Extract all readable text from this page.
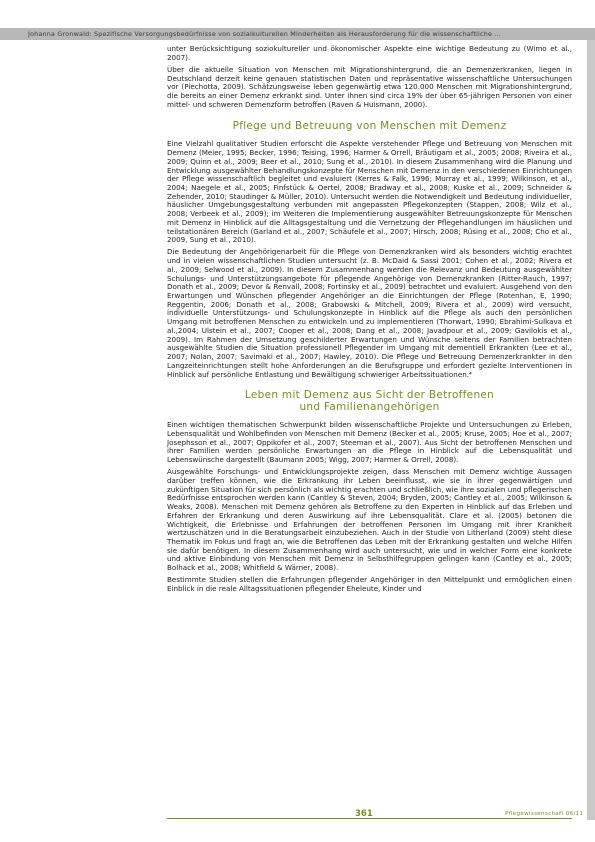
Johanna Gronwald: Spezifische Versorgungsbedürfnisse von sozialkulturellen Minderheiten als Herausforderung für die wissenschaftliche ...

unter Berücksichtigung soziokultureller und ökonomischer Aspekte eine wichtige Bedeutung zu (Wimo et al., 2007).

Über die aktuelle Situation von Menschen mit Migrationshintergrund, die an Demenzerkranken, liegen in Deutschland derzeit keine genauen statistischen Daten und repräsentative wissenschaftliche Untersuchungen vor (Piechotta, 2009). Schätzungsweise leben gegenwärtig etwa 120.000 Menschen mit Migrationshintergrund, die bereits an einer Demenz erkrankt sind. Unter ihnen sind circa 19% der über 65-jährigen Personen von einer mittel- und schweren Demenzform betroffen (Raven & Huismann, 2000).

Pflege und Betreuung von Menschen mit Demenz

Eine Vielzahl qualitativer Studien erforscht die Aspekte verstehender Pflege und Betreuung von Menschen mit Demenz (Meier, 1995; Becker, 1996; Teising, 1996; Harmer & Orrell, Bräutigam et al., 2005; 2008; Riveira et al., 2009; Quinn et al., 2009; Beer et al., 2010; Sung et al., 2010). In diesem Zusammenhang wird die Planung und Entwicklung ausgewählter Behandlungskonzepte für Menschen mit Demenz in den verschiedenen Einrichtungen der Pflege wissenschaftlich begleitet und evaluiert (Kerres & Falk, 1996; Murray et al., 1999; Wilkinson, et al., 2004; Naegele et al., 2005; Finfstück & Oertel, 2008; Bradway et al., 2008; Kuske et al., 2009; Schneider & Zehender, 2010; Staudinger & Müller, 2010). Untersucht werden die Notwendigkeit und Bedeutung individueller, häuslicher Umgebungsgestaltung verbunden mit angepassten Pflegekonzepten (Stappen, 2008; Wilz et al., 2008; Verbeek et al., 2009); im Weiteren die Implementierung ausgewählter Betreuungskonzepte für Menschen mit Demenz in Hinblick auf die Alltagsgestaltung und die Vernetzung der Pflegehandlungen im häuslichen und teilstationären Bereich (Garland et al., 2007; Schäufele et al., 2007; Hirsch, 2008; Rüsing et al., 2008; Cho et al., 2009, Sung et al., 2010).

Die Bedeutung der Angehörigenarbeit für die Pflege von Demenzkranken wird als besonders wichtig erachtet und in vielen wissenschaftlichen Studien untersucht (z. B. McDaid & Sassi 2001; Cohen et al., 2002; Rivera et al., 2009; Selwood et al., 2009). In diesem Zusammenhang werden die Relevanz und Bedeutung ausgewählter Schulungs- und Unterstützungsangebote für pflegende Angehörige von Demenzkranken (Ritter-Rauch, 1997; Donath et al., 2009; Devor & Renvall, 2008; Fortinsky et al., 2009) betrachtet und evaluiert. Ausgehend von den Erwartungen und Wünschen pflegender Angehöriger an die Einrichtungen der Pflege (Rotenhan, E, 1990; Reggentin, 2006; Donath et al., 2008; Grabowski & Mitchell, 2009; Rivera et al., 2009) wird versucht, individuelle Unterstützungs- und Schulungskonzepte in Hinblick auf die Pflege als auch den persönlichen Umgang mit betroffenen Menschen zu entwickeln und zu implementieren (Thorwart, 1990; Ebrahimi-Sulkava et al.,2004; Ulstein et al., 2007; Cooper et al., 2008; Dang et al., 2008; Javadpour et al., 2009; Gavilokis et al., 2009). Im Rahmen der Umsetzung geschilderter Erwartungen und Wünsche seitens der Familien betrachten ausgewählte Studien die Situation professionell Pflegender im Umgang mit dementiell Erkrankten (Lee et al., 2007; Nolan, 2007; Savimaki et al., 2007; Hawley, 2010). Die Pflege und Betreuung Demenzerkrankter in den Langzeiteinrichtungen stellt hohe Anforderungen an die Berufsgruppe und erfordert gezielte Interventionen in Hinblick auf persönliche Entlastung und Bewältigung schwieriger Arbeitssituationen.⁴

Leben mit Demenz aus Sicht der Betroffenen
und Familienangehörigen

Einen wichtigen thematischen Schwerpunkt bilden wissenschaftliche Projekte und Untersuchungen zu Erleben, Lebensqualität und Wohlbefinden von Menschen mit Demenz (Becker et al., 2005; Kruse, 2005; Hoe et al., 2007; Josephsson et al., 2007; Oppikofer et al., 2007; Steeman et al., 2007). Aus Sicht der betroffenen Menschen und ihrer Familien werden persönliche Erwartungen an die Pflege in Hinblick auf die Lebensqualität und Lebenswünsche dargestellt (Baumann 2005; Wigg, 2007; Harmer & Orrell, 2008).

Ausgewählte Forschungs- und Entwicklungsprojekte zeigen, dass Menschen mit Demenz wichtige Aussagen darüber treffen können, wie die Erkrankung ihr Leben beeinflusst, wie sie in ihrer gegenwärtigen und zukünftigen Situation für sich persönlich als wichtig erachten und schließlich, wie ihre sozialen und pflegerischen Bedürfnisse entsprochen werden kann (Cantley & Steven, 2004; Bryden, 2005; Cantley et al., 2005; Wilkinson & Weaks, 2008). Menschen mit Demenz gehören als Betroffene zu den Experten in Hinblick auf das Erleben und Erfahren der Erkrankung und deren Auswirkung auf ihre Lebensqualität. Clare et al. (2005) betonen die Wichtigkeit, die Erlebnisse und Erfahrungen der betroffenen Personen im Umgang mit ihrer Krankheit wertzuschätzen und in die Beratungsarbeit einzubeziehen. Auch in der Studie von Litherland (2009) steht diese Thematik im Fokus und fragt an, wie die Betroffenen das Leben mit der Erkrankung gestalten und welche Hilfen sie dafür benötigen. In diesem Zusammenhang wird auch untersucht, wie und in welcher Form eine konkrete und aktive Einbindung von Menschen mit Demenz in Selbsthilfegruppen gelingen kann (Cantley et al., 2005; Bolhack et al., 2008; Whitfield & Wärner, 2008).

Bestimmte Studien stellen die Erfahrungen pflegender Angehöriger in den Mittelpunkt und ermöglichen einen Einblick in die reale Alltagssituationen pflegender Eheleute, Kinder und

361	Pflegewissenschaft 06/11
